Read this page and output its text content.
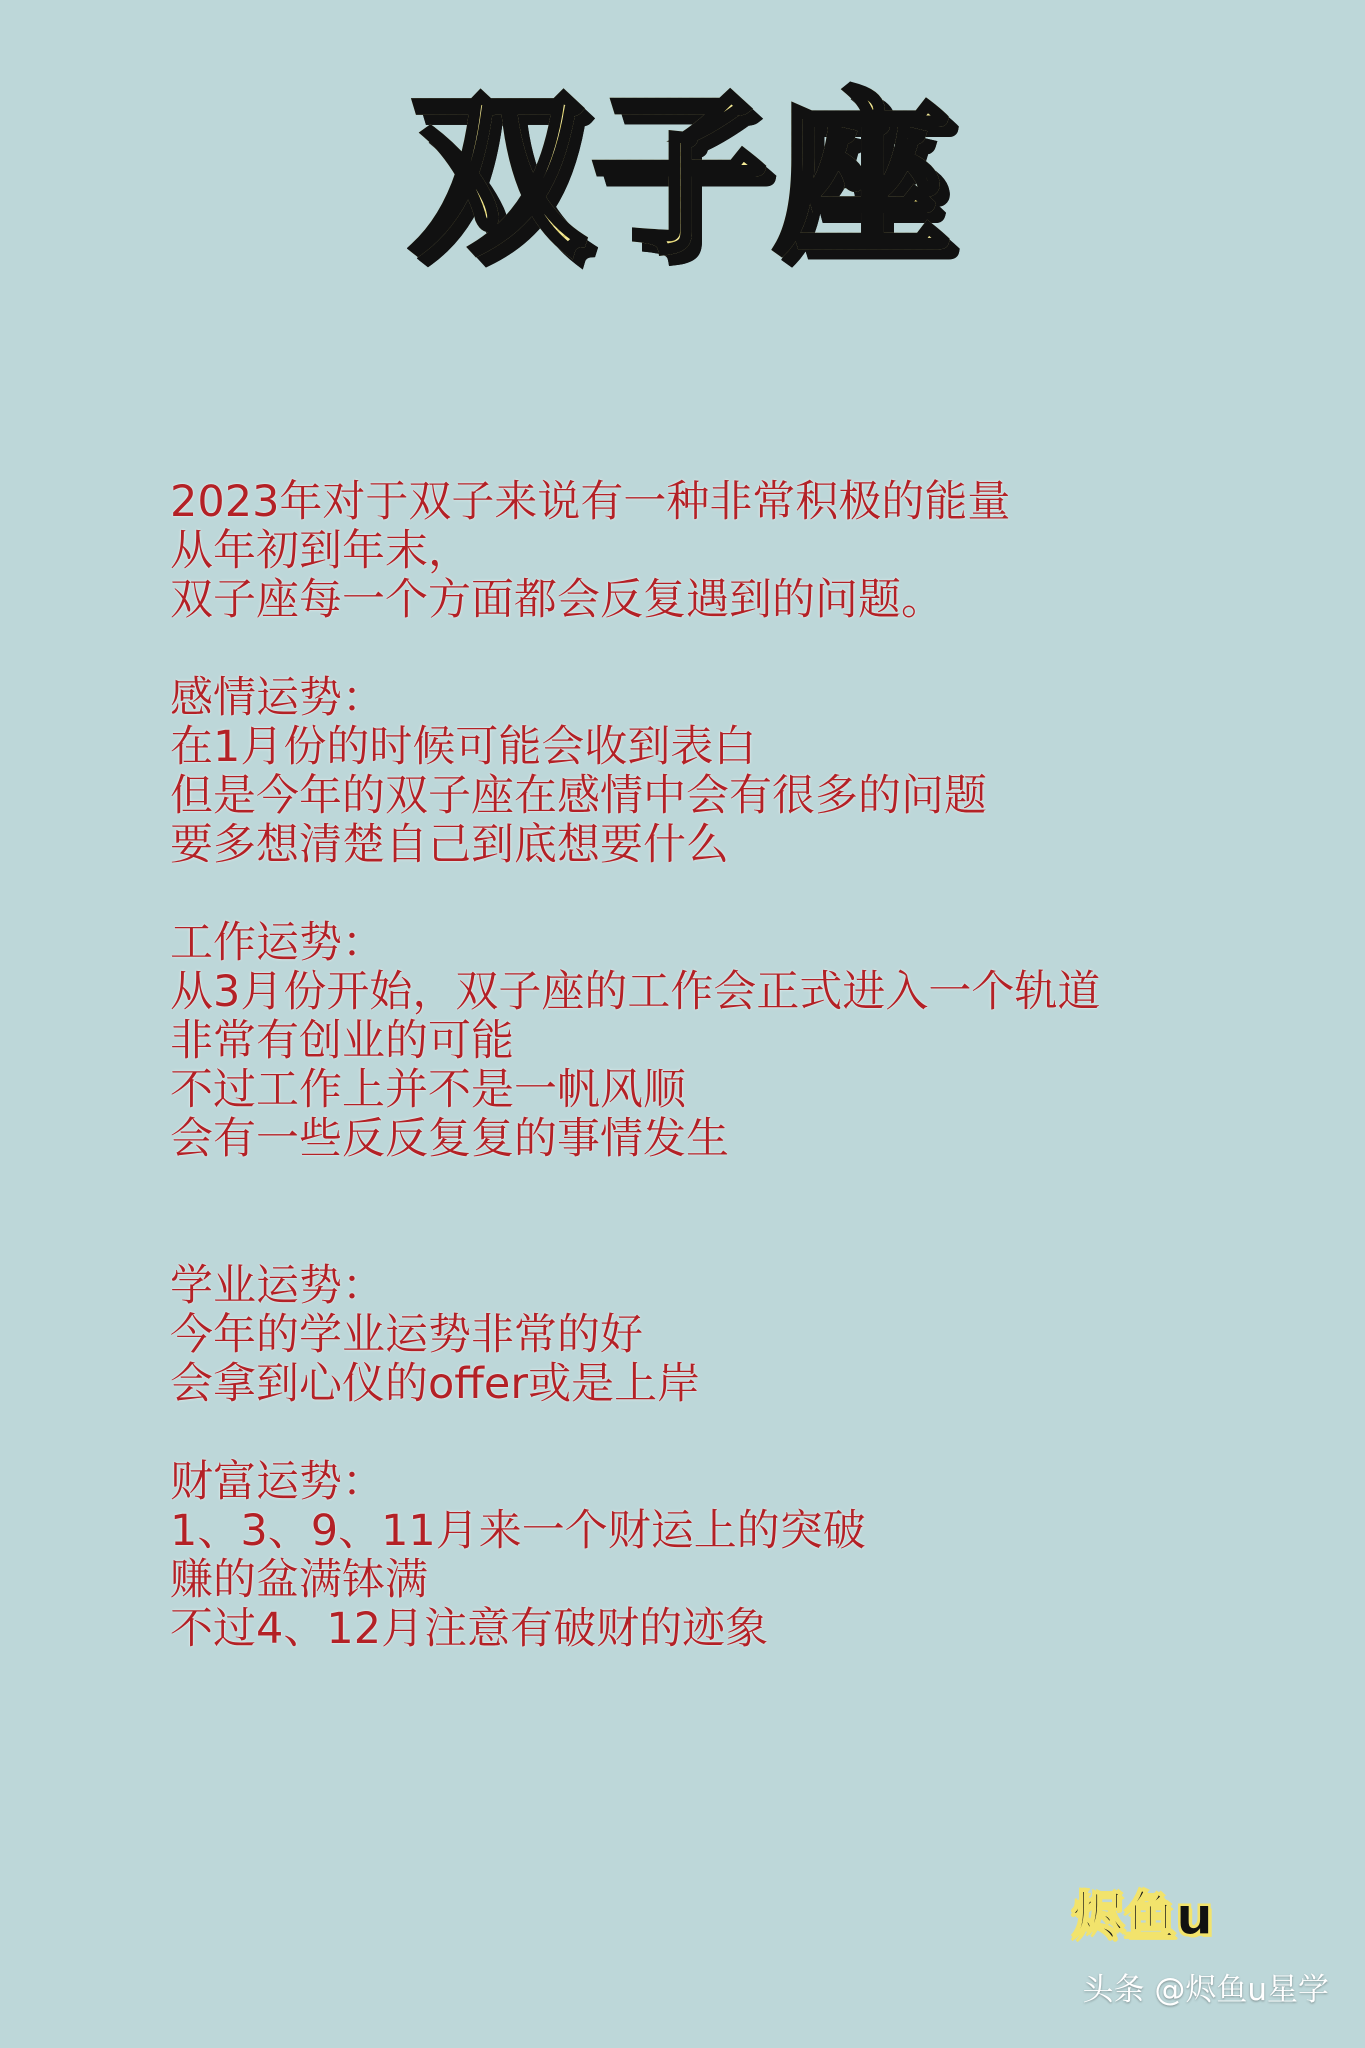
双子座
2023年对于双子来说有一种非常积极的能量
从年初到年末，
双子座每一个方面都会反复遇到的问题。
感情运势：
在1月份的时候可能会收到表白
但是今年的双子座在感情中会有很多的问题
要多想清楚自己到底想要什么
工作运势：
从3月份开始，双子座的工作会正式进入一个轨道
非常有创业的可能
不过工作上并不是一帆风顺
会有一些反反复复的事情发生
学业运势：
今年的学业运势非常的好
会拿到心仪的offer或是上岸
财富运势：
1、3、9、11月来一个财运上的突破
赚的盆满钵满
不过4、12月注意有破财的迹象
烬鱼u
头条 @烬鱼u星学
